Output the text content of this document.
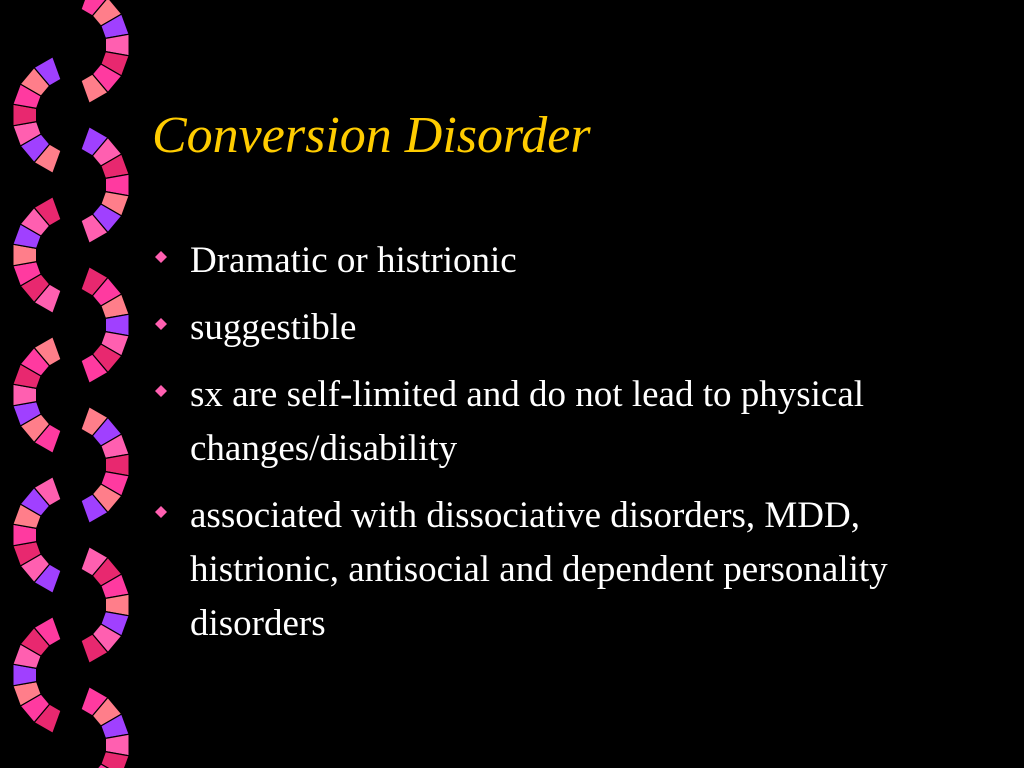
Conversion Disorder
Dramatic or histrionic
suggestible
sx are self-limited and do not lead to physical changes/disability
associated with dissociative disorders, MDD, histrionic, antisocial and dependent personality disorders
